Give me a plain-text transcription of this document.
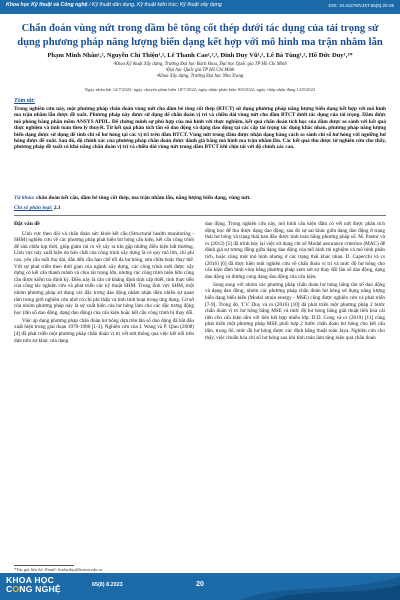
Khoa học Kỹ thuật và Công nghệ / Kỹ thuật dân dụng, Kỹ thuật kiến trúc; Kỹ thuật xây dựng	DOI: 10.31276/VJST.65(8).20-26
Chẩn đoán vùng nứt trong dầm bê tông cốt thép dưới tác dụng của tải trọng sử dụng phương pháp năng lượng biến dạng kết hợp với mô hình ma trận nhằm lẫn
Phạm Minh Nhân¹,², Nguyễn Chí Thiện¹,², Lê Thanh Cao¹,²,³, Đinh Duy Vũ¹,², Lê Bá Tùng¹,², Hồ Đức Duy¹,²*
¹Khoa Kỹ thuật Xây dựng, Trường Đại học Bách khoa, Đại học Quốc gia TP Hồ Chí Minh
²Đại học Quốc gia TP Hồ Chí Minh
³Khoa Xây dựng, Trường Đại học Nha Trang
Ngày nhận bài 14/7/2022; ngày chuyển phản biện 18/7/2022; ngày nhận phản biện 9/8/2022; ngày chấp nhận đăng 12/8/2022
Tóm tắt:
Trong nghiên cứu này, một phương pháp chẩn đoán vùng nứt cho dầm bê tông cốt thép (BTCT) sử dụng phương pháp năng lượng biến dạng kết hợp với mô hình ma trận nhầm lẫn được đề xuất. Phương pháp này được sử dụng để chẩn đoán vị trí và chiều dài vùng nứt cho dầm BTCT dưới tác dụng của tải trọng. Dầm được mô phỏng bằng phần mềm ANSYS APDL. Để chứng minh sự phù hợp của mô hình với thực nghiệm, kết quả chẩn đoán tích học của dầm được so sánh với kết quả thực nghiệm và tính toán theo lý thuyết. Từ kết quả phân tích tần số dao động và dạng dao động tại các cấp tải trọng tác dụng khác nhau, phương pháp năng lượng biến dạng được sử dụng để tính chỉ số hư hỏng tại các vị trí trên dầm BTCT. Vùng nứt trong dầm được nhận dạng bằng cách so sánh chỉ số hư hỏng với ngưỡng hư hỏng được đề xuất. Sau đó, độ chính xác của phương pháp chẩn đoán được đánh giá bằng mô hình ma trận nhầm lẫn. Các kết quả thu được từ nghiên cứu cho thấy, phương pháp đề xuất có khả năng chẩn đoán vị trí và chiều dài vùng nứt trong dầm BTCT khi chịu tải với độ chính xác cao.
Từ khóa: chẩn đoán kết cấu, dầm bê tông cốt thép, ma trận nhầm lẫn, năng lượng biến dạng, vùng nứt.
Chỉ số phân loại: 2.1

Đặt vấn đề

Lĩnh vực theo dõi và chẩn đoán sức khỏe kết cấu (Structural health monitoring - SHM) nghiên cứu về các phương pháp phát hiện hư hỏng cấu kiện, kết cấu công trình để sửa chữa kịp thời, giúp giảm rủi ro về xây ra khi gặp những điều kiện bất thường. Lĩnh vực này xuất hiện do bản chất của công trình xây dựng là có quy mô lớn, chi phí cao, yêu cầu tuổi thọ dài, dẫn đến cần hạn chế tối đa hư hỏng, sửa chữa hoặc thay thế. Với sự phát triển theo thời gian của ngành xây dựng, các công trình mới được xây dựng có kết cấu thanh mảnh và chịu tải trọng lớn, nhưng các công trình hiện hữu cũng cần được kiểm tra định kỳ. Điều này là căn cứ khẳng định tính cấp thiết, tính thực tiễn của công tác nghiên cứu và phát triển các kỹ thuật SHM. Trong lĩnh vực SHM, một nhóm phương pháp sử dụng các đặc trưng dao động nhằm nhận diện nhiều sự quan tâm trong giới nghiên cứu nhờ có chi phí thấp và tính linh hoạt trong ứng dụng. Cơ sở của nhóm phương pháp này là sự xuất hiện của hư hỏng làm cho các đặc trưng động học (tần số dao động, dạng dao động) của cấu kiện hoặc kết cấu công trình bị thay đổi.

Việc áp dụng phương pháp chẩn đoán hư hỏng dựa trên tần số dao động đã bắt đầu xuất hiện trong giai đoạn 1970-1980 [1-3]. Nghiên cứu của J. Wang và P. Qiao (2008) [4] đã phát triển một phương pháp chẩn đoán vị trí vết nứt thông qua việc kết nối trên dựa trên sự khác của dạng

dao động. Trong nghiên cứu này, mô hình cấu kiện dầm có vết nứt được phân tích động học để thu được dạng dao động, sau đó sự sai khác giữa dạng dao động ở trạng thái hư hỏng và trạng thái ban đầu được tính toán bằng phương pháp số. M. Pastor và cs (2012) [5] đã trình bày lại việc sử dụng chỉ số Modal assurance criterion (MAC) để đánh giá sự tương đồng giữa dạng dao động của mô hình thí nghiệm và mô hình phân tích, hoặc cùng một mô hình nhưng ở các trạng thái khác nhau. D. Capecchi và cs (2016) [6] đã thực hiện một nghiên cứu về chẩn đoán vị trí và mức độ hư hỏng cho cấu kiện dầm hình vòm bằng phương pháp xem xét sự thay đổi tần số dao động, dạng dao động và đường cong dạng dao động của cấu kiện.

Song song với nhóm các phương pháp chẩn đoán hư hỏng bằng tần số dao động và dạng dao động, nhóm các phương pháp chẩn đoán hư hỏng sử dụng năng lượng biến dạng biểu kiến (Modal strain energy - MSE) cũng được nghiên cứu và phát triển [7-9]. Trong đó, T.V. Duy và cs (2016) [10] đã phát triển một phương pháp 2 bước chẩn đoán vị trí hư hỏng bằng MSE và mức độ hư hỏng bằng giải thuật tiến hóa cải tiến cho cấu kiện tấm với liên kết hợp nhiều lớp. D.D. Cong và cs (2019) [11] cũng phát triển một phương pháp MSE phối hợp 2 bước chẩn đoán hư hỏng cho kết cấu tấm, trong đó, mức độ hư hỏng được xác định bằng thuật toán Jaya. Nghiên cứu cho thấy, việc chuẩn hóa chỉ số hư hỏng sau khi tính toán làm tăng hiệu quả chẩn đoán

*Tác giả liên hệ: Email: hoducduy@hcmut.edu.vn
KHOA HỌC
CONG NGHỆ	65(8) 8.2023	20
